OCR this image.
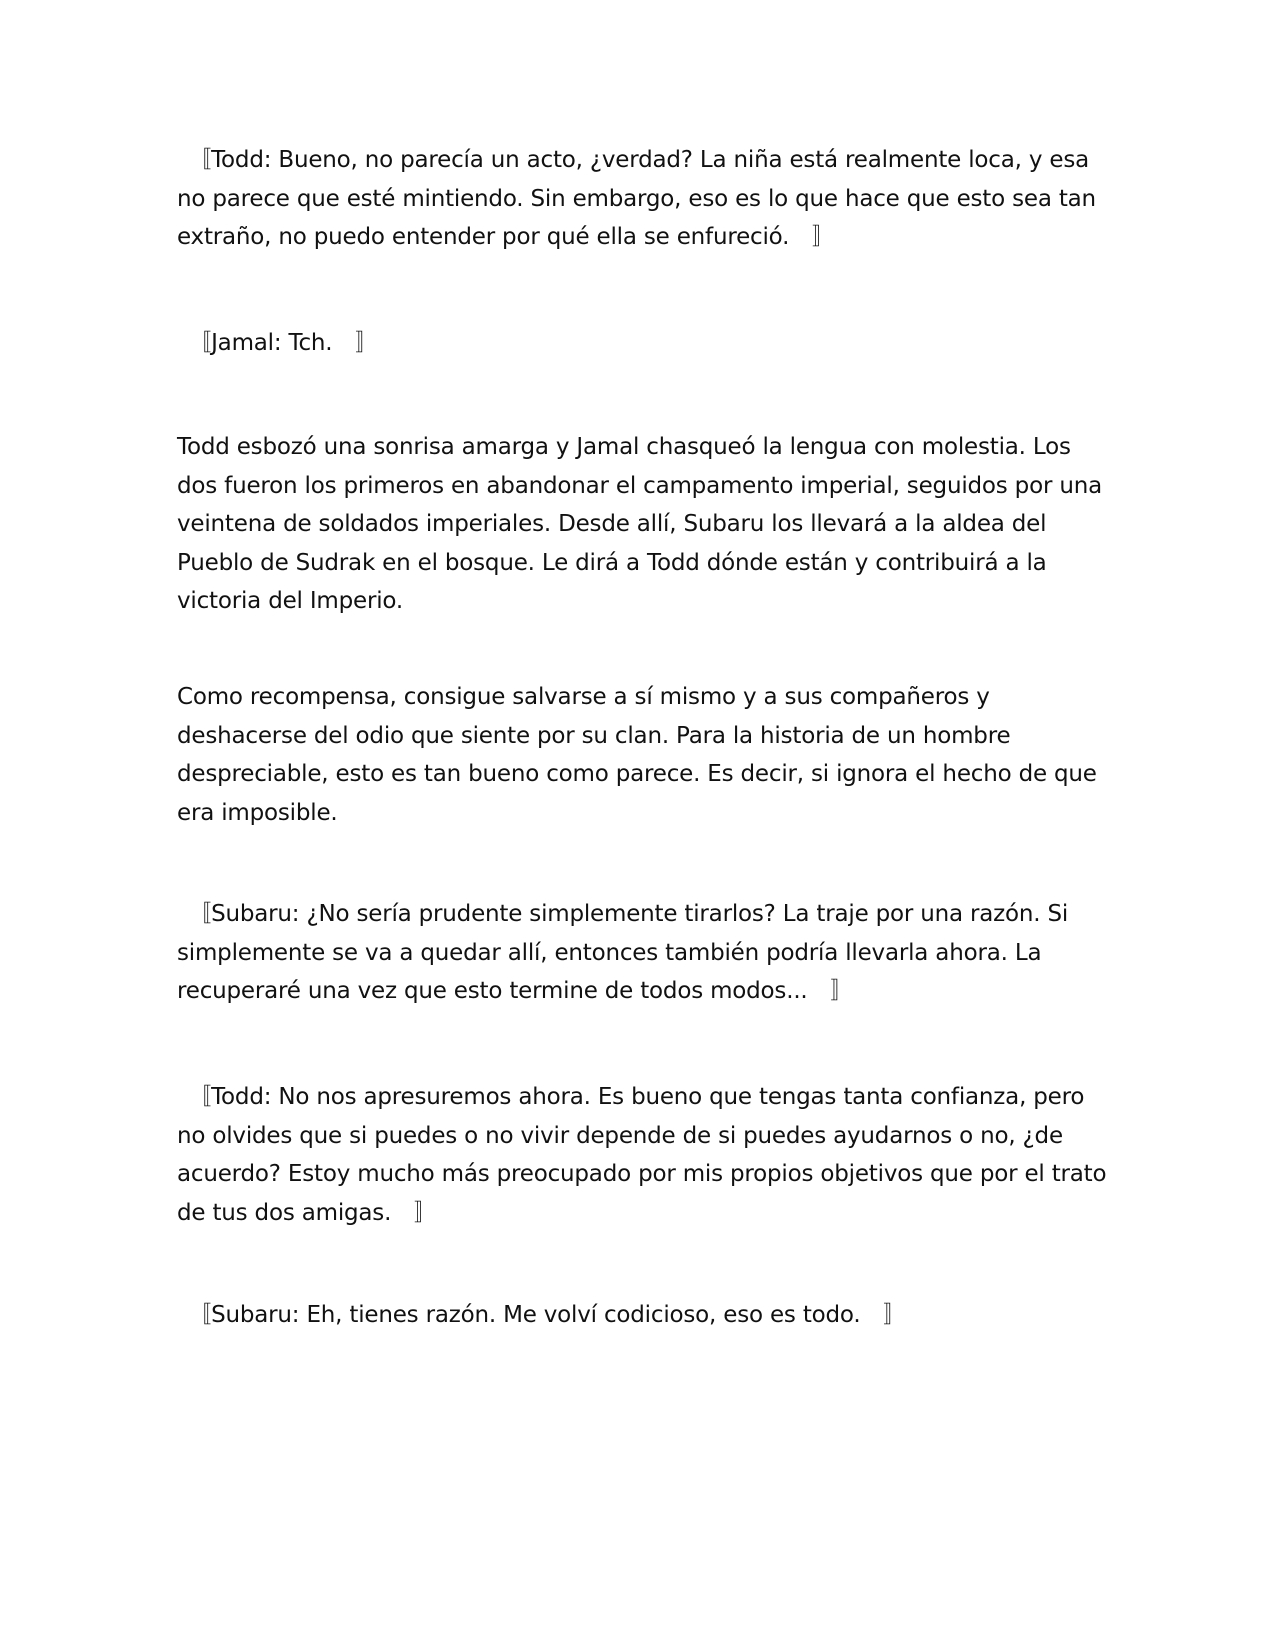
　〚Todd: Bueno, no parecía un acto, ¿verdad? La niña está realmente loca, y esa no parece que esté mintiendo. Sin embargo, eso es lo que hace que esto sea tan extraño, no puedo entender por qué ella se enfureció.　〛

　〚Jamal: Tch.　〛

Todd esbozó una sonrisa amarga y Jamal chasqueó la lengua con molestia. Los dos fueron los primeros en abandonar el campamento imperial, seguidos por una veintena de soldados imperiales. Desde allí, Subaru los llevará a la aldea del Pueblo de Sudrak en el bosque. Le dirá a Todd dónde están y contribuirá a la victoria del Imperio.

Como recompensa, consigue salvarse a sí mismo y a sus compañeros y deshacerse del odio que siente por su clan. Para la historia de un hombre despreciable, esto es tan bueno como parece. Es decir, si ignora el hecho de que era imposible.

　〚Subaru: ¿No sería prudente simplemente tirarlos? La traje por una razón. Si simplemente se va a quedar allí, entonces también podría llevarla ahora. La recuperaré una vez que esto termine de todos modos...　〛

　〚Todd: No nos apresuremos ahora. Es bueno que tengas tanta confianza, pero no olvides que si puedes o no vivir depende de si puedes ayudarnos o no, ¿de acuerdo? Estoy mucho más preocupado por mis propios objetivos que por el trato de tus dos amigas.　〛

　〚Subaru: Eh, tienes razón. Me volví codicioso, eso es todo.　〛
